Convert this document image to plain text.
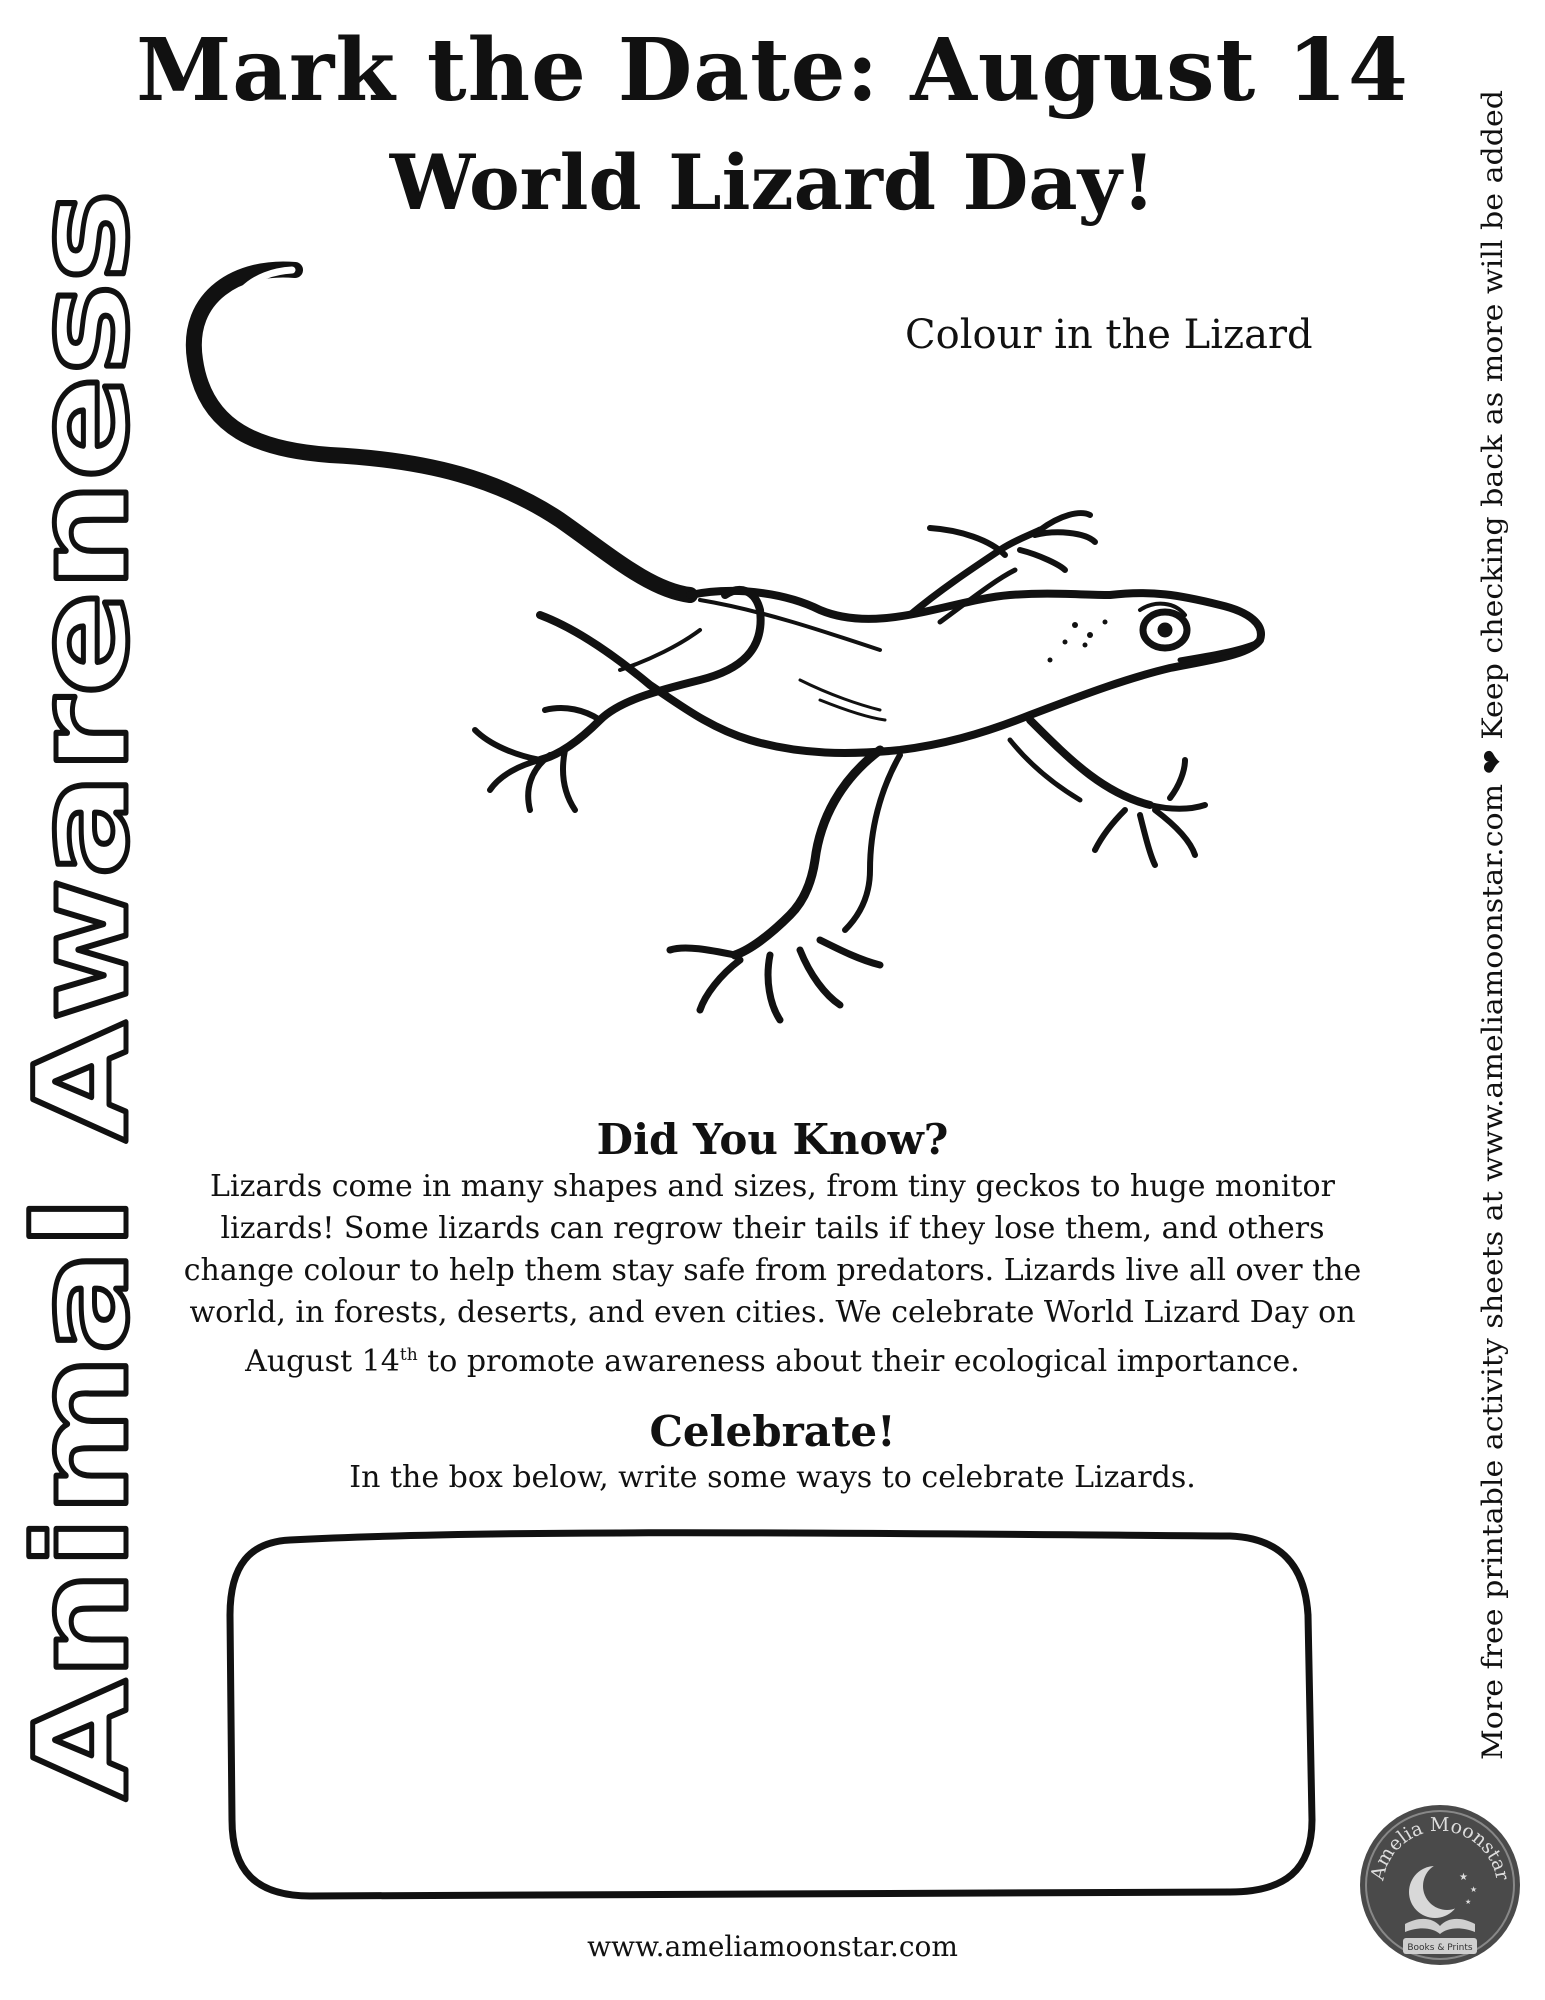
Mark the Date: August 14
World Lizard Day!
Animal Awareness	More free printable activity sheets at www.ameliamoonstar.com ❤ Keep checking back as more will be added
Colour in the Lizard
Did You Know?

Lizards come in many shapes and sizes, from tiny geckos to huge monitor lizards! Some lizards can regrow their tails if they lose them, and others change colour to help them stay safe from predators. Lizards live all over the world, in forests, deserts, and even cities. We celebrate World Lizard Day on August 14th to promote awareness about their ecological importance.

Celebrate!

In the box below, write some ways to celebrate Lizards.

www.ameliamoonstar.com

Amelia Moonstar
★
★
★
Books & Prints
